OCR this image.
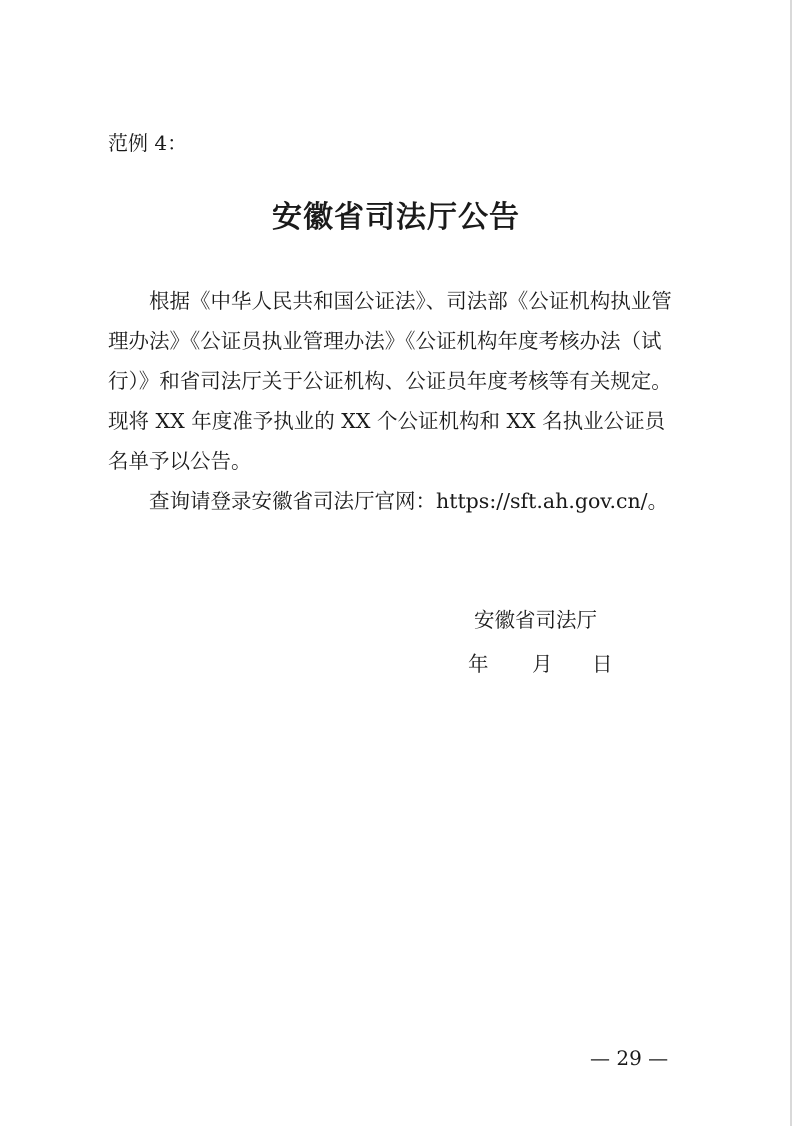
范例 4：
安徽省司法厅公告
根据《中华人民共和国公证法》、司法部《公证机构执业管
理办法》《公证员执业管理办法》《公证机构年度考核办法（试
行）》和省司法厅关于公证机构、公证员年度考核等有关规定。
现将 XX 年度准予执业的 XX 个公证机构和 XX 名执业公证员
名单予以公告。
查询请登录安徽省司法厅官网：https://sft.ah.gov.cn/。
安徽省司法厅
年 月 日
— 29 —
